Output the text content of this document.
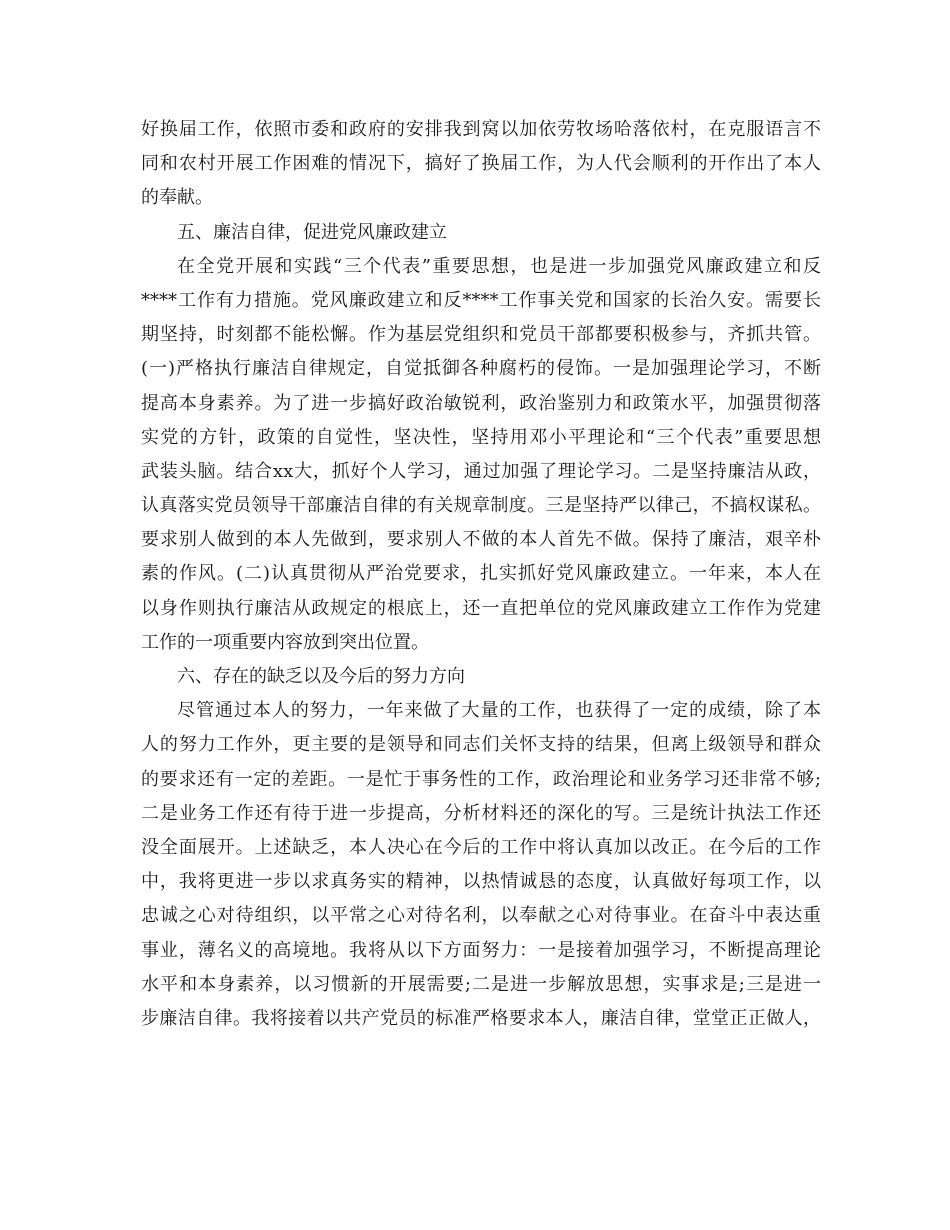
好换届工作，依照市委和政府的安排我到窝以加依劳牧场哈落依村，在克服语言不
同和农村开展工作困难的情况下，搞好了换届工作，为人代会顺利的开作出了本人
的奉献。
五、廉洁自律，促进党风廉政建立
在全党开展和实践“三个代表”重要思想，也是进一步加强党风廉政建立和反
****工作有力措施。党风廉政建立和反****工作事关党和国家的长治久安。需要长
期坚持，时刻都不能松懈。作为基层党组织和党员干部都要积极参与，齐抓共管。
(一)严格执行廉洁自律规定，自觉抵御各种腐朽的侵饰。一是加强理论学习，不断
提高本身素养。为了进一步搞好政治敏锐利，政治鉴别力和政策水平，加强贯彻落
实党的方针，政策的自觉性，坚决性，坚持用邓小平理论和“三个代表”重要思想
武装头脑。结合xx大，抓好个人学习，通过加强了理论学习。二是坚持廉洁从政，
认真落实党员领导干部廉洁自律的有关规章制度。三是坚持严以律己，不搞权谋私。
要求别人做到的本人先做到，要求别人不做的本人首先不做。保持了廉洁，艰辛朴
素的作风。(二)认真贯彻从严治党要求，扎实抓好党风廉政建立。一年来，本人在
以身作则执行廉洁从政规定的根底上，还一直把单位的党风廉政建立工作作为党建
工作的一项重要内容放到突出位置。
六、存在的缺乏以及今后的努力方向
尽管通过本人的努力，一年来做了大量的工作，也获得了一定的成绩，除了本
人的努力工作外，更主要的是领导和同志们关怀支持的结果，但离上级领导和群众
的要求还有一定的差距。一是忙于事务性的工作，政治理论和业务学习还非常不够;
二是业务工作还有待于进一步提高，分析材料还的深化的写。三是统计执法工作还
没全面展开。上述缺乏，本人决心在今后的工作中将认真加以改正。在今后的工作
中，我将更进一步以求真务实的精神，以热情诚恳的态度，认真做好每项工作，以
忠诚之心对待组织，以平常之心对待名利，以奉献之心对待事业。在奋斗中表达重
事业，薄名义的高境地。我将从以下方面努力：一是接着加强学习，不断提高理论
水平和本身素养，以习惯新的开展需要;二是进一步解放思想，实事求是;三是进一
步廉洁自律。我将接着以共产党员的标准严格要求本人，廉洁自律，堂堂正正做人，
